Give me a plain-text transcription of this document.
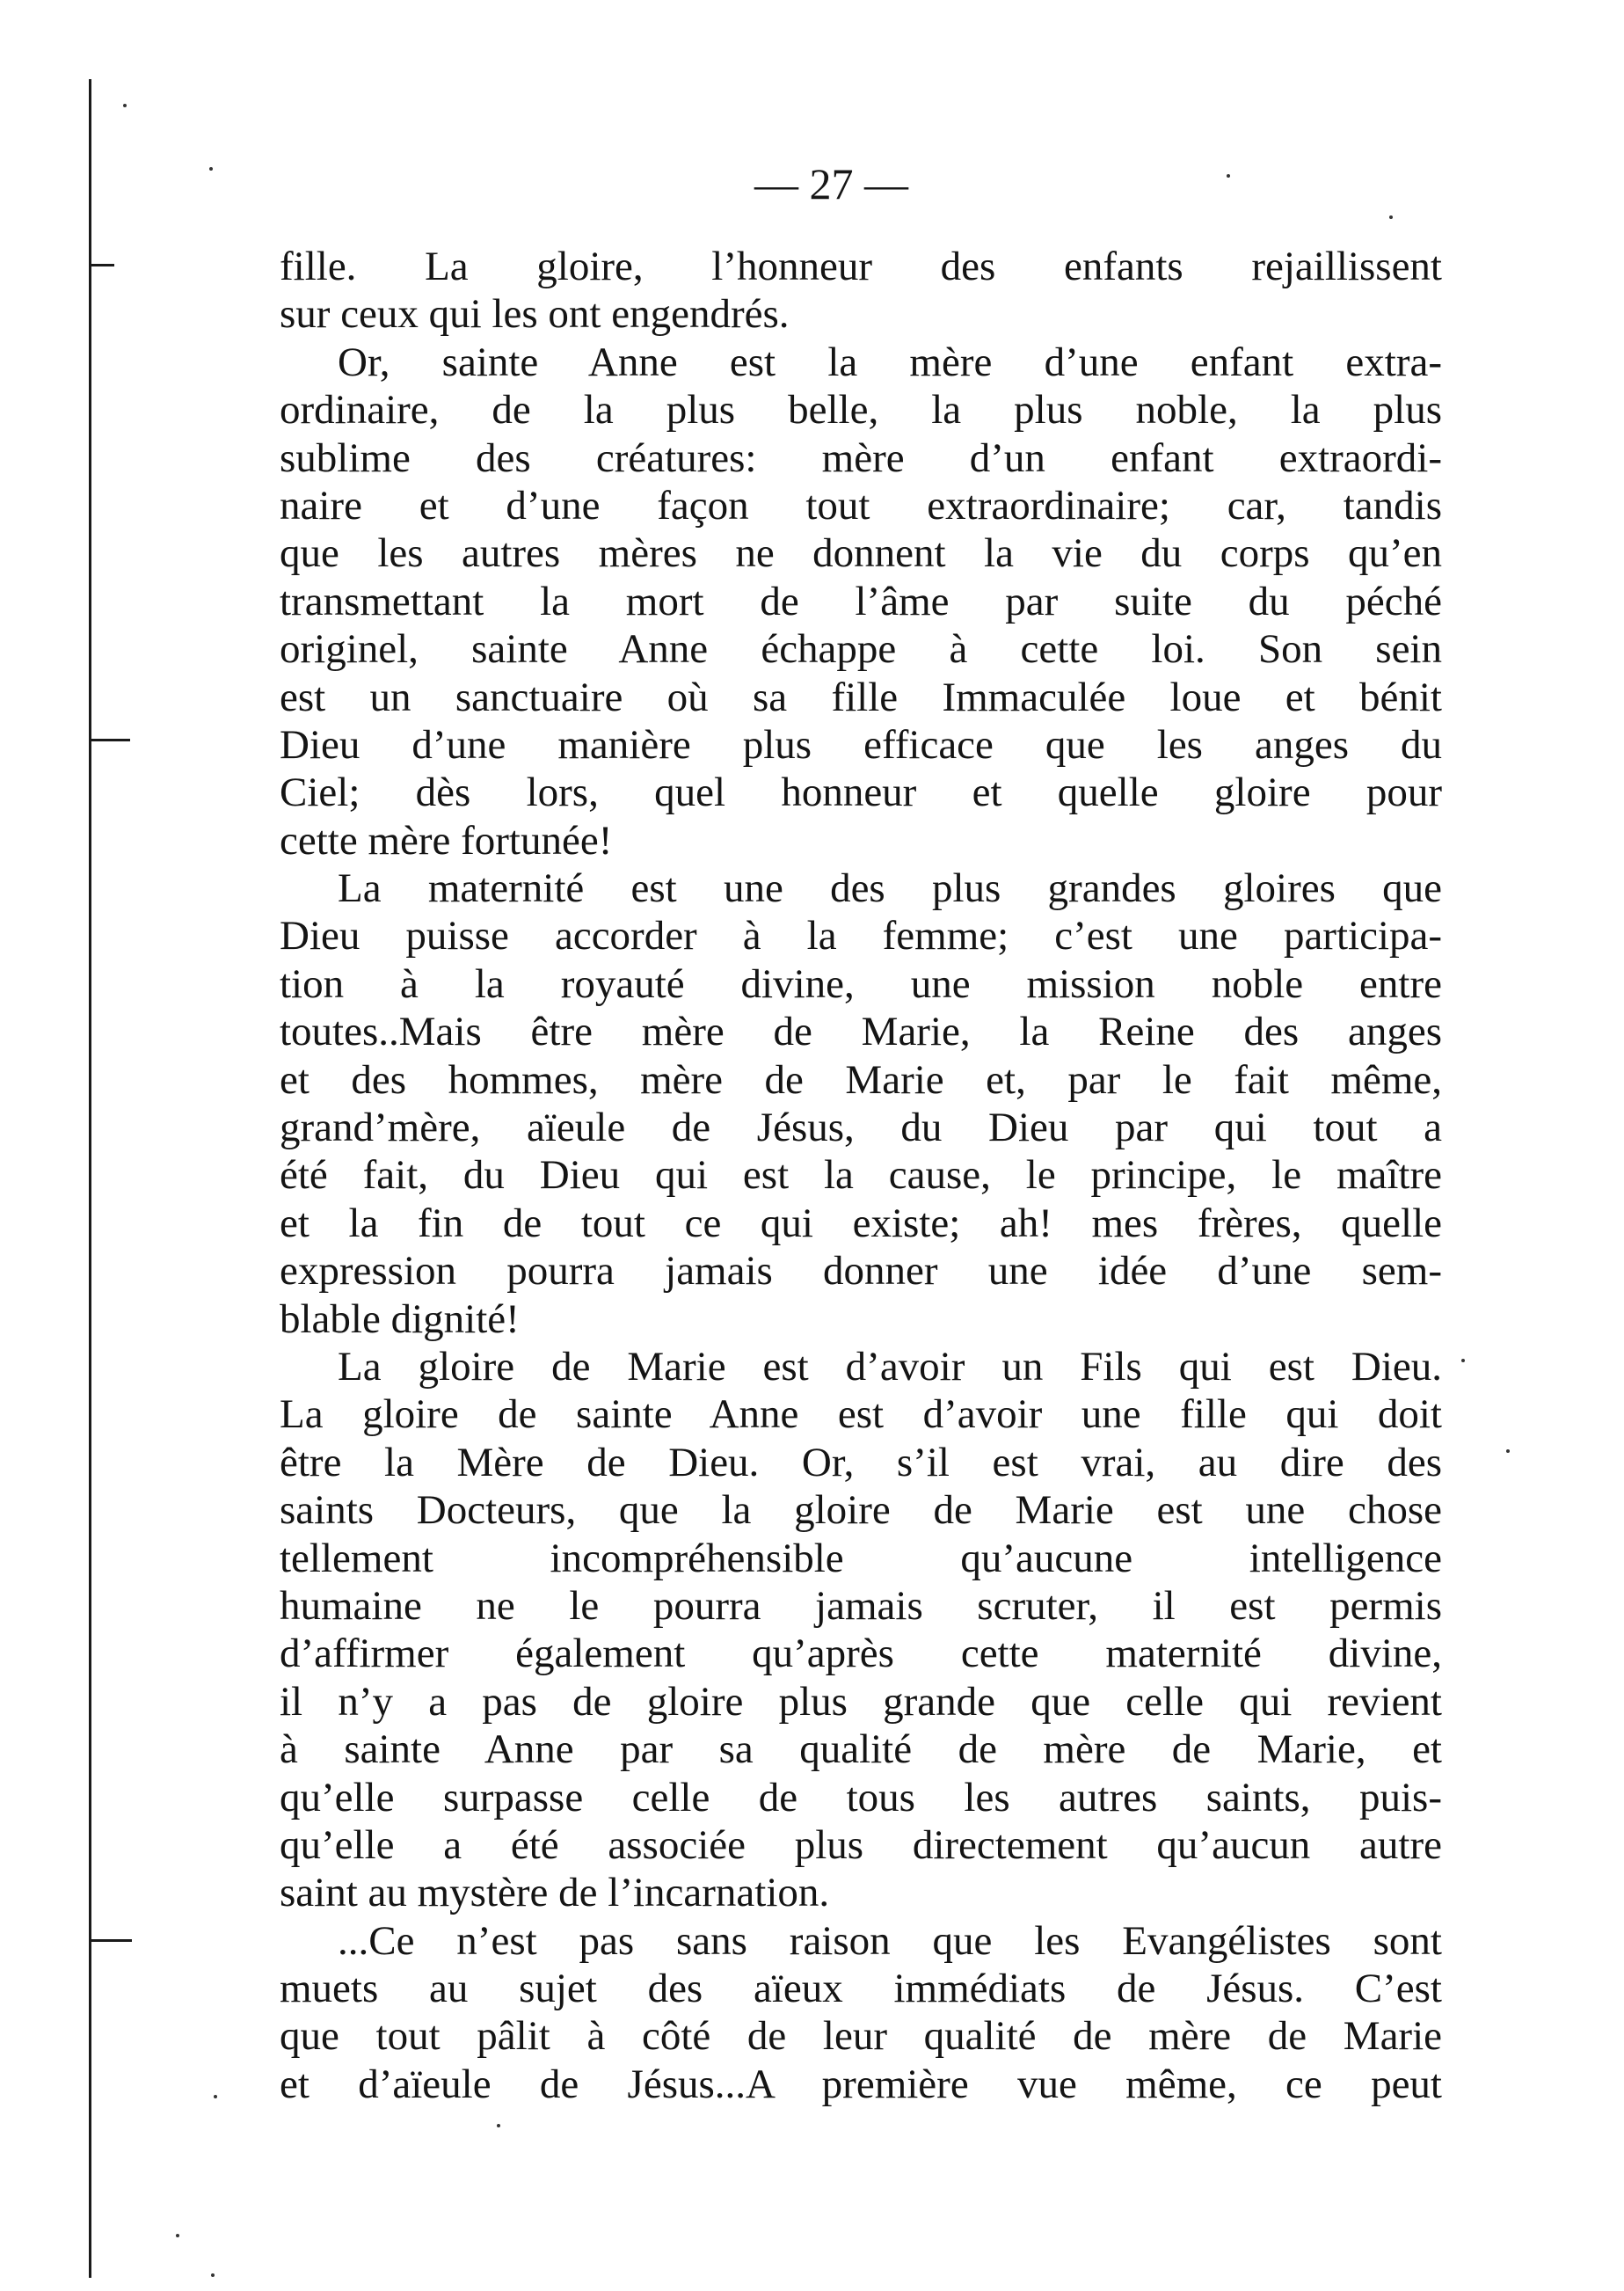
— 27 —
fille. La gloire, l’honneur des enfants rejaillissent
sur ceux qui les ont engendrés.
Or, sainte Anne est la mère d’une enfant extra-
ordinaire, de la plus belle, la plus noble, la plus
sublime des créatures: mère d’un enfant extraordi-
naire et d’une façon tout extraordinaire; car, tandis
que les autres mères ne donnent la vie du corps qu’en
transmettant la mort de l’âme par suite du péché
originel, sainte Anne échappe à cette loi. Son sein
est un sanctuaire où sa fille Immaculée loue et bénit
Dieu d’une manière plus efficace que les anges du
Ciel; dès lors, quel honneur et quelle gloire pour
cette mère fortunée!
La maternité est une des plus grandes gloires que
Dieu puisse accorder à la femme; c’est une participa-
tion à la royauté divine, une mission noble entre
toutes..Mais être mère de Marie, la Reine des anges
et des hommes, mère de Marie et, par le fait même,
grand’mère, aïeule de Jésus, du Dieu par qui tout a
été fait, du Dieu qui est la cause, le principe, le maître
et la fin de tout ce qui existe; ah! mes frères, quelle
expression pourra jamais donner une idée d’une sem-
blable dignité!
La gloire de Marie est d’avoir un Fils qui est Dieu.
La gloire de sainte Anne est d’avoir une fille qui doit
être la Mère de Dieu. Or, s’il est vrai, au dire des
saints Docteurs, que la gloire de Marie est une chose
tellement incompréhensible qu’aucune intelligence
humaine ne le pourra jamais scruter, il est permis
d’affirmer également qu’après cette maternité divine,
il n’y a pas de gloire plus grande que celle qui revient
à sainte Anne par sa qualité de mère de Marie, et
qu’elle surpasse celle de tous les autres saints, puis-
qu’elle a été associée plus directement qu’aucun autre
saint au mystère de l’incarnation.
...Ce n’est pas sans raison que les Evangélistes sont
muets au sujet des aïeux immédiats de Jésus. C’est
que tout pâlit à côté de leur qualité de mère de Marie
et d’aïeule de Jésus...A première vue même, ce peut
